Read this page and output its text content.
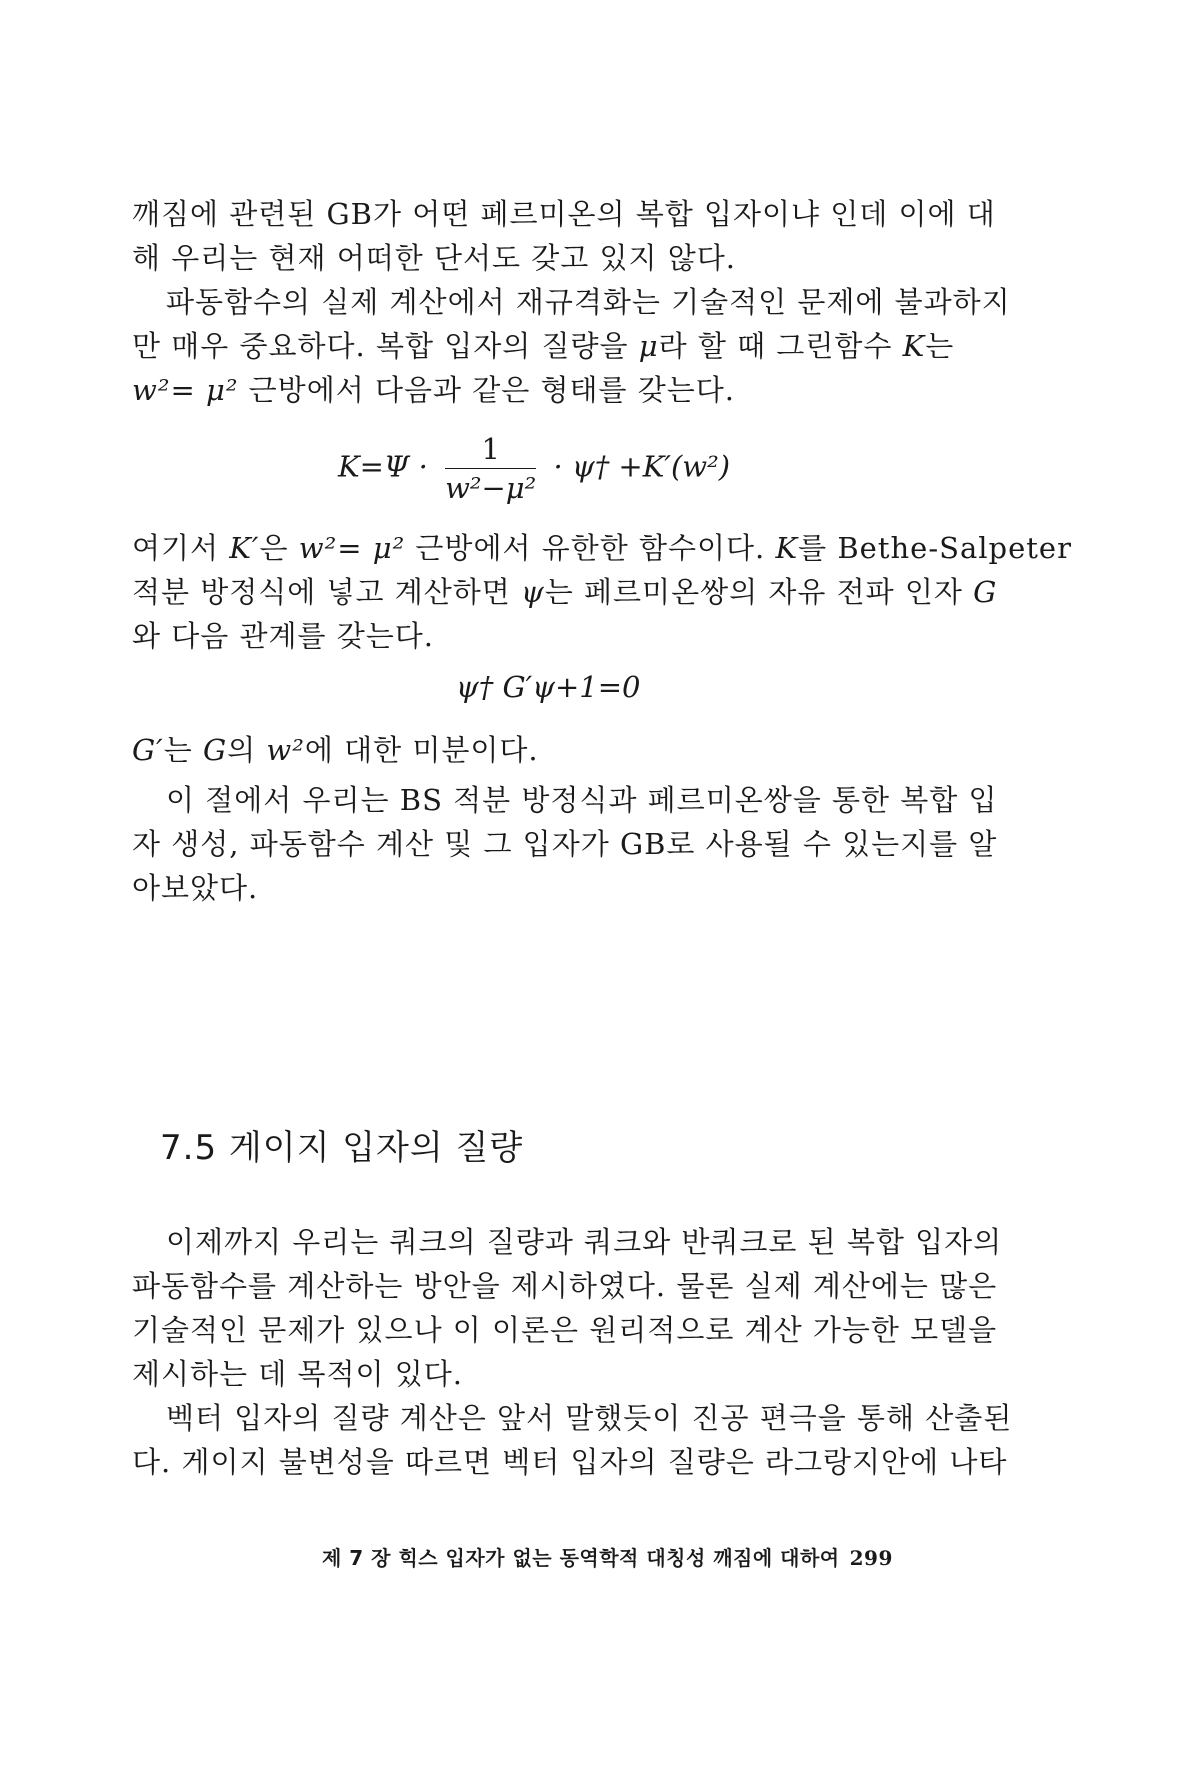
깨짐에 관련된 GB가 어떤 페르미온의 복합 입자이냐 인데 이에 대
해 우리는 현재 어떠한 단서도 갖고 있지 않다.
파동함수의 실제 계산에서 재규격화는 기술적인 문제에 불과하지
만 매우 중요하다. 복합 입자의 질량을 μ라 할 때 그린함수 K는
w²= μ² 근방에서 다음과 같은 형태를 갖는다.
$K=\Psi \cdot \frac{1}{\text{w²−μ²}}$ · ψ† +K′(w²)
여기서 K′은 w²= μ² 근방에서 유한한 함수이다. K를 Bethe-Salpeter
적분 방정식에 넣고 계산하면 ψ는 페르미온쌍의 자유 전파 인자 G
와 다음 관계를 갖는다.
ψ† G′ψ+1=0
G′는 G의 w²에 대한 미분이다.
이 절에서 우리는 BS 적분 방정식과 페르미온쌍을 통한 복합 입
자 생성, 파동함수 계산 및 그 입자가 GB로 사용될 수 있는지를 알
아보았다.
7.5 게이지 입자의 질량
이제까지 우리는 쿼크의 질량과 쿼크와 반쿼크로 된 복합 입자의
파동함수를 계산하는 방안을 제시하였다. 물론 실제 계산에는 많은
기술적인 문제가 있으나 이 이론은 원리적으로 계산 가능한 모델을
제시하는 데 목적이 있다.
벡터 입자의 질량 계산은 앞서 말했듯이 진공 편극을 통해 산출된
다. 게이지 불변성을 따르면 벡터 입자의 질량은 라그랑지안에 나타
제 7 장 힉스 입자가 없는 동역학적 대칭성 깨짐에 대하여 299
